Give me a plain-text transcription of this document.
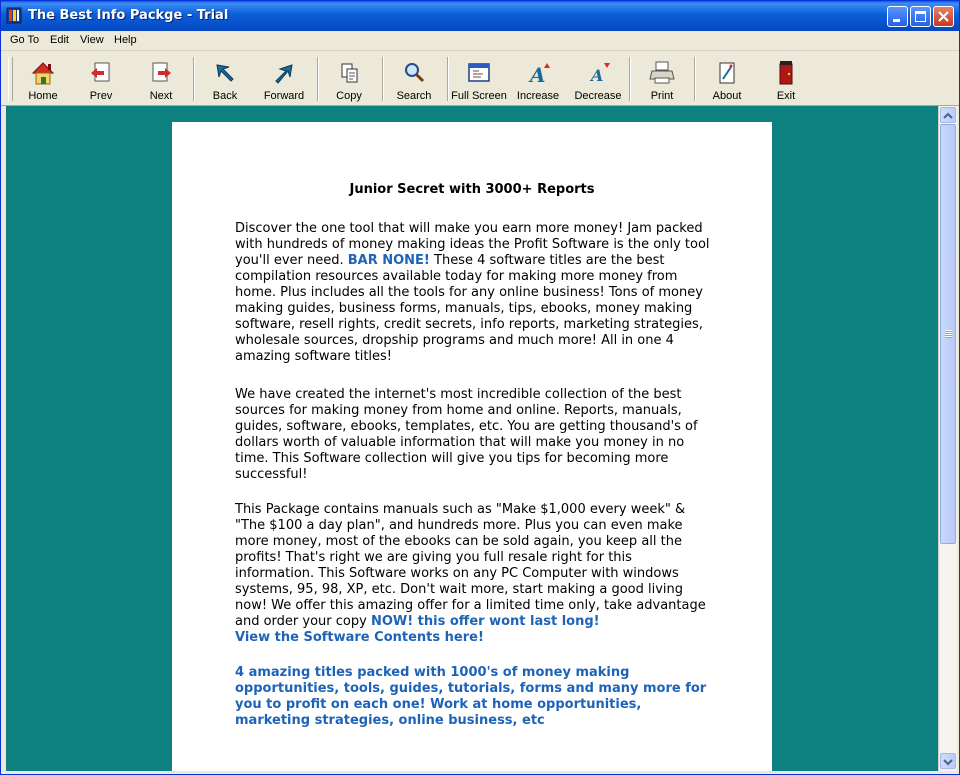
The Best Info Packge - Trial
Go To Edit View Help
Home	Prev	Next	Back	Forward	Copy	Search	Full Screen
A
Increase
A
Decrease	Print	About	Exit
Junior Secret with 3000+ Reports
Discover the one tool that will make you earn more money! Jam packed with hundreds of money making ideas the Profit Software is the only tool you'll ever need. BAR NONE! These 4 software titles are the best compilation resources available today for making more money from home. Plus includes all the tools for any online business! Tons of money making guides, business forms, manuals, tips, ebooks, money making software, resell rights, credit secrets, info reports, marketing strategies, wholesale sources, dropship programs and much more! All in one 4 amazing software titles!
We have created the internet's most incredible collection of the best sources for making money from home and online. Reports, manuals, guides, software, ebooks, templates, etc. You are getting thousand's of dollars worth of valuable information that will make you money in no time. This Software collection will give you tips for becoming more successful!
This Package contains manuals such as "Make $1,000 every week" & "The $100 a day plan", and hundreds more. Plus you can even make more money, most of the ebooks can be sold again, you keep all the profits! That's right we are giving you full resale right for this information. This Software works on any PC Computer with windows systems, 95, 98, XP, etc. Don't wait more, start making a good living now! We offer this amazing offer for a limited time only, take advantage and order your copy NOW! this offer wont last long!
View the Software Contents here!
4 amazing titles packed with 1000's of money making opportunities, tools, guides, tutorials, forms and many more for you to profit on each one! Work at home opportunities, marketing strategies, online business, etc
